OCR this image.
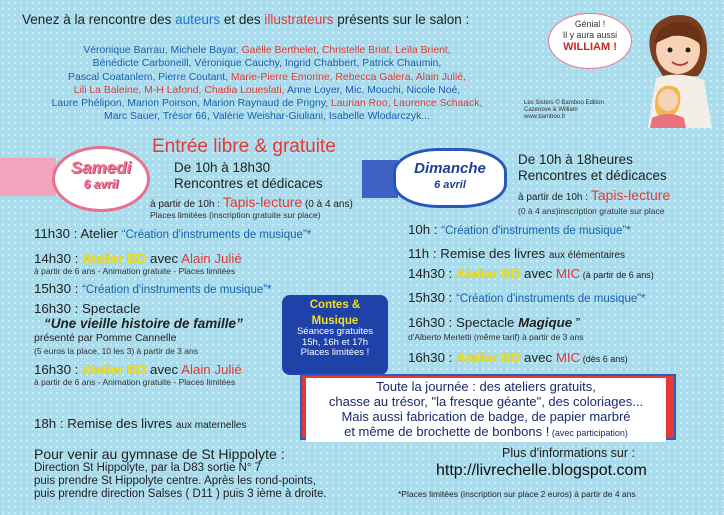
Venez à la rencontre des auteurs et des illustrateurs présents sur le salon :
Véronique Barrau, Michele Bayar, Gaëlle Berthelet, Christelle Briat, Leïla Brient,
Bénédicte Carboneill, Véronique Cauchy, Ingrid Chabbert, Patrick Chaumin,
Pascal Coatanlem, Pierre Coutant, Marie-Pierre Emorine, Rebecca Galera, Alain Julié,
Lili La Baleine, M-H Lafond, Chadia Loueslati, Anne Loyer, Mic, Mouchi, Nicole Noé,
Laure Phélipon, Marion Poirson, Marion Raynaud de Prigny, Laurian Roo, Laurence Schaack,
Marc Sauer, Trésor 66, Valérie Weishar-Giuliani, Isabelle Wlodarczyk...
Génial !
Il y aura aussi
WILLIAM !
Les Sisters © Bamboo Edition
Cazenove & William
www.bamboo.fr
Samedi
6 avril
Dimanche
6 avril
Entrée libre & gratuite
De 10h à 18h30
Rencontres et dédicaces
à partir de 10h : Tapis-lecture (0 à 4 ans)
Places limitées (inscription gratuite sur place)
11h30 : Atelier “Création d'instruments de musique”*
14h30 : Atelier BD avec Alain Julié
à partir de 6 ans - Animation gratuite - Places limitées
15h30 : “Création d'instruments de musique”*
16h30 : Spectacle
“Une vieille histoire de famille”
présenté par Pomme Cannelle
(5 euros la place, 10 les 3) à partir de 3 ans
16h30 : Atelier BD avec Alain Julié
à partir de 6 ans - Animation gratuite - Places limitées
18h : Remise des livres aux maternelles
De 10h à 18heures
Rencontres et dédicaces
à partir de 10h : Tapis-lecture
(0 à 4 ans)inscription gratuite sur place
10h : “Création d'instruments de musique”*
11h : Remise des livres aux élémentaires
14h30 : Atelier BD avec MIC (à partir de 6 ans)
15h30 : “Création d'instruments de musique”*
16h30 : Spectacle Magique ”
d'Alberto Merletti (même tarif) à partir de 3 ans
16h30 : Atelier BD avec MIC (dès 6 ans)
Contes &
Musique
Séances gratuites
15h, 16h et 17h
Places limitées !
Toute la journée : des ateliers gratuits,
chasse au trésor, "la fresque géante", des coloriages...
Mais aussi fabrication de badge, de papier marbré
et même de brochette de bonbons ! (avec participation)
Pour venir au gymnase de St Hippolyte :
Direction St Hippolyte, par la D83 sortie N° 7
puis prendre St Hippolyte centre. Après les rond-points,
puis prendre direction Salses ( D11 ) puis 3 ième à droite.
Plus d'informations sur :
http://livrechelle.blogspot.com
*Places limitées (inscription sur place 2 euros) à partir de 4 ans
